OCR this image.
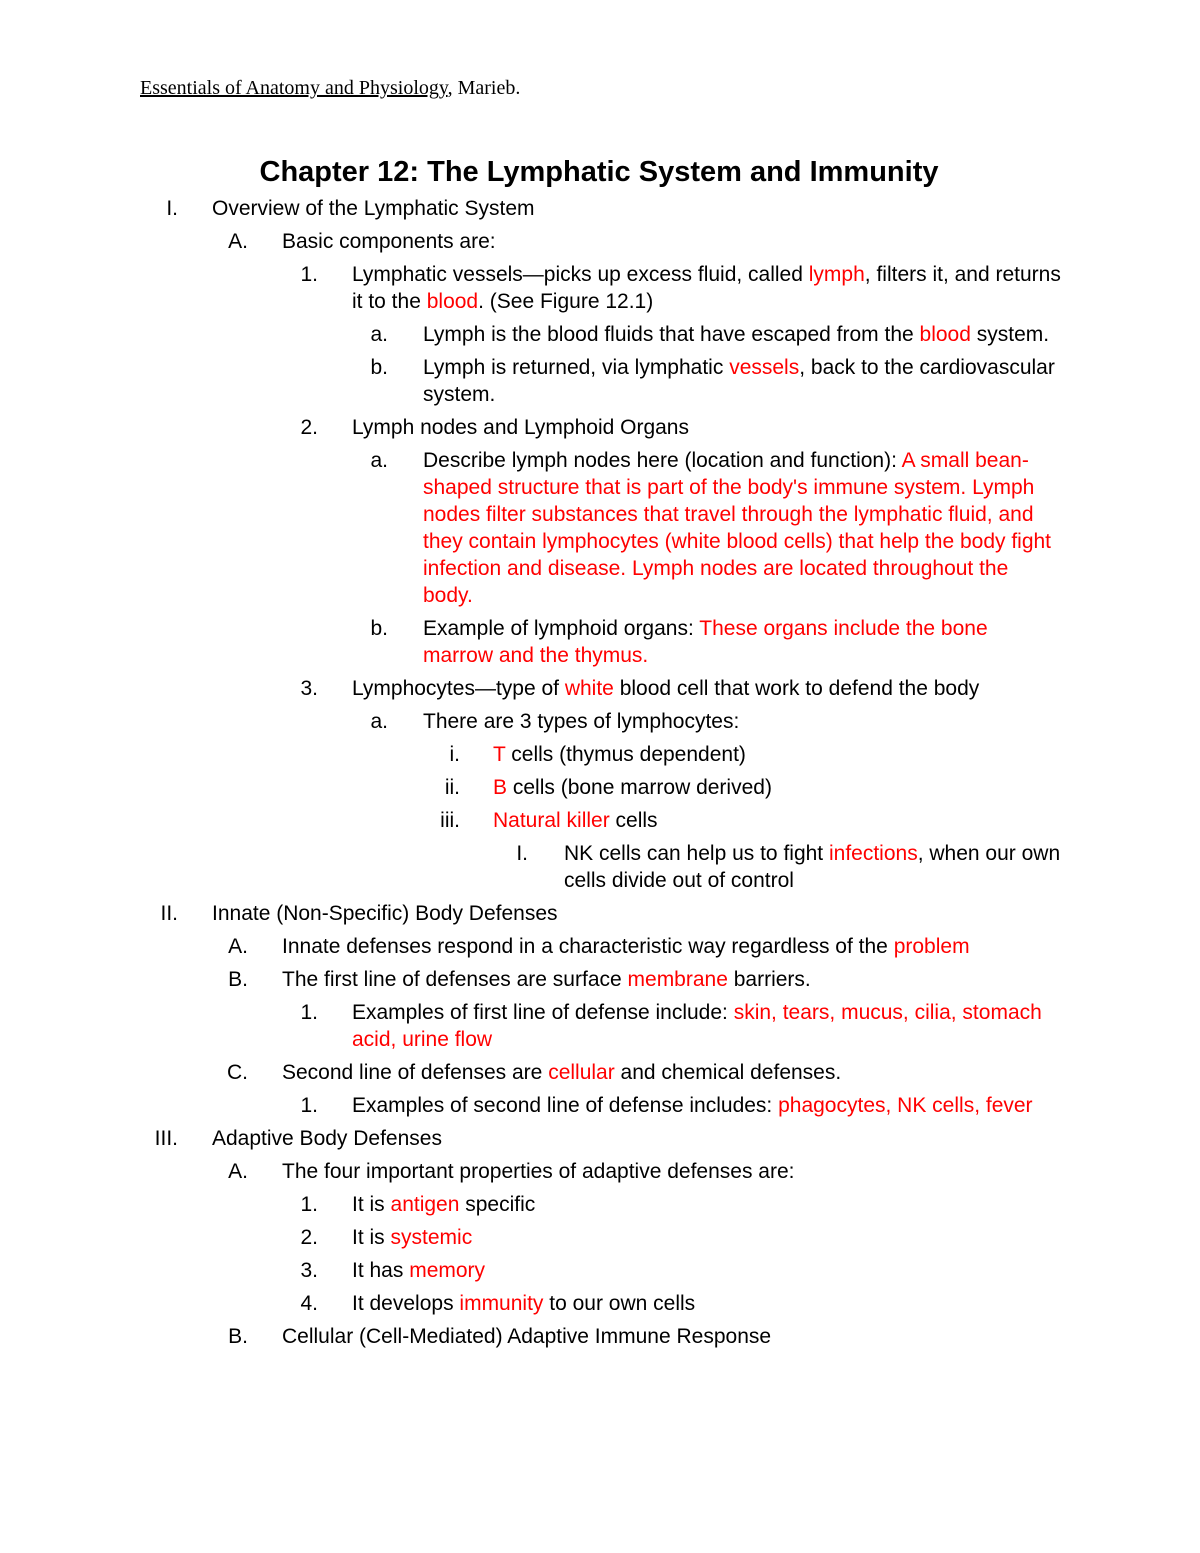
Essentials of Anatomy and Physiology, Marieb.
Chapter 12: The Lymphatic System and Immunity
I. Overview of the Lymphatic System
A. Basic components are:
1. Lymphatic vessels—picks up excess fluid, called lymph, filters it, and returns it to the blood. (See Figure 12.1)
a. Lymph is the blood fluids that have escaped from the blood system.
b. Lymph is returned, via lymphatic vessels, back to the cardiovascular system.
2. Lymph nodes and Lymphoid Organs
a. Describe lymph nodes here (location and function): A small bean-shaped structure that is part of the body's immune system. Lymph nodes filter substances that travel through the lymphatic fluid, and they contain lymphocytes (white blood cells) that help the body fight infection and disease. Lymph nodes are located throughout the body.
b. Example of lymphoid organs: These organs include the bone marrow and the thymus.
3. Lymphocytes—type of white blood cell that work to defend the body
a. There are 3 types of lymphocytes:
i. T cells (thymus dependent)
ii. B cells (bone marrow derived)
iii. Natural killer cells
I. NK cells can help us to fight infections, when our own cells divide out of control
II. Innate (Non-Specific) Body Defenses
A. Innate defenses respond in a characteristic way regardless of the problem
B. The first line of defenses are surface membrane barriers.
1. Examples of first line of defense include: skin, tears, mucus, cilia, stomach acid, urine flow
C. Second line of defenses are cellular and chemical defenses.
1. Examples of second line of defense includes: phagocytes, NK cells, fever
III. Adaptive Body Defenses
A. The four important properties of adaptive defenses are:
1. It is antigen specific
2. It is systemic
3. It has memory
4. It develops immunity to our own cells
B. Cellular (Cell-Mediated) Adaptive Immune Response
